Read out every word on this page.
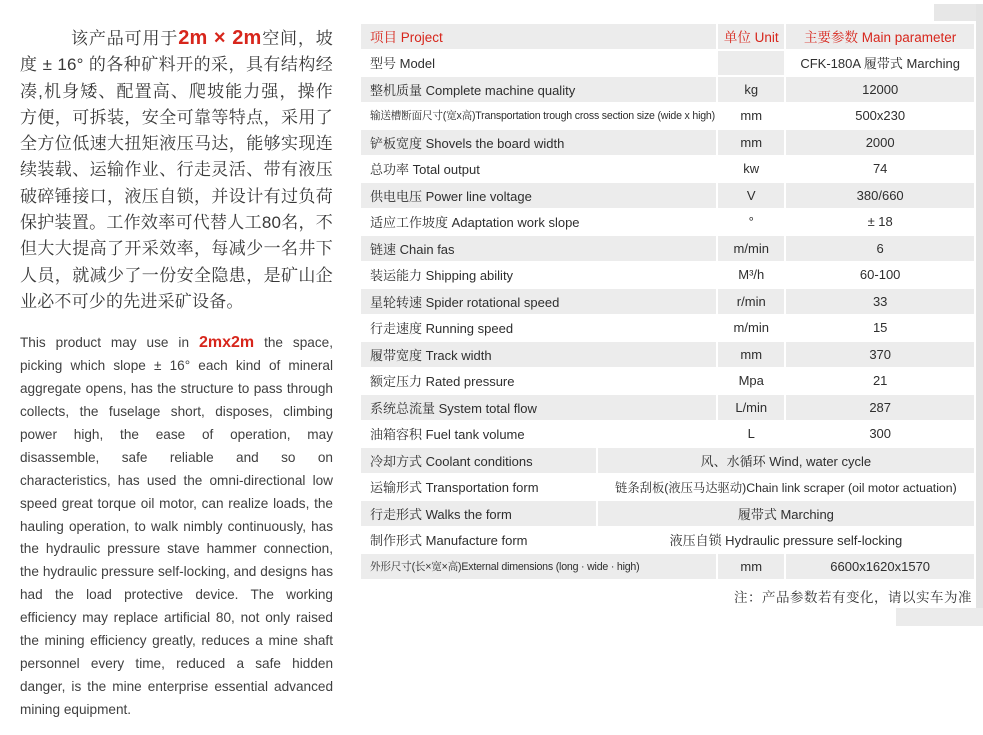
该产品可用于2m × 2m空间，坡度 ± 16° 的各种矿料开的采，具有结构经凑,机身矮、配置高、爬坡能力强，操作方便，可拆装，安全可靠等特点，采用了全方位低速大扭矩液压马达，能够实现连续装载、运输作业、行走灵活、带有液压破碎锤接口，液压自锁，并设计有过负荷保护装置。工作效率可代替人工80名，不但大大提高了开采效率，每减少一名井下人员，就减少了一份安全隐患，是矿山企业必不可少的先进采矿设备。

This product may use in 2mx2m the space, picking which slope ± 16° each kind of mineral aggregate opens, has the structure to pass through collects, the fuselage short, disposes, climbing power high, the ease of operation, may disassemble, safe reliable and so on characteristics, has used the omni-directional low speed great torque oil motor, can realize loads, the hauling operation, to walk nimbly continuously, has the hydraulic pressure stave hammer connection, the hydraulic pressure self-locking, and designs has had the load protective device. The working efficiency may replace artificial 80, not only raised the mining efficiency greatly, reduces a mine shaft personnel every time, reduced a safe hidden danger, is the mine enterprise essential advanced mining equipment.

项目 Project		单位 Unit	主要参数 Main parameter
型号 Model			CFK-180A 履带式 Marching
整机质量 Complete machine quality		kg	12000
输送槽断面尺寸(宽x高)Transportation trough cross section size (wide x high)		mm	500x230
铲板宽度 Shovels the board width		mm	2000
总功率 Total output		kw	74
供电电压 Power line voltage		V	380/660
适应工作坡度 Adaptation work slope		°	± 18
链速 Chain fas		m/min	6
装运能力 Shipping ability		M³/h	60-100
星轮转速 Spider rotational speed		r/min	33
行走速度 Running speed		m/min	15
履带宽度 Track width		mm	370
额定压力 Rated pressure		Mpa	21
系统总流量 System total flow		L/min	287
油箱容积 Fuel tank volume		L	300
冷却方式 Coolant conditions	风、水循环 Wind, water cycle		
运输形式 Transportation form	链条刮板(液压马达驱动)Chain link scraper (oil motor actuation)		
行走形式 Walks the form	履带式 Marching		
制作形式 Manufacture form	液压自锁 Hydraulic pressure self-locking		
外形尺寸(长×宽×高)External dimensions (long · wide · high)		mm	6600x1620x1570
注：产品参数若有变化，请以实车为准
